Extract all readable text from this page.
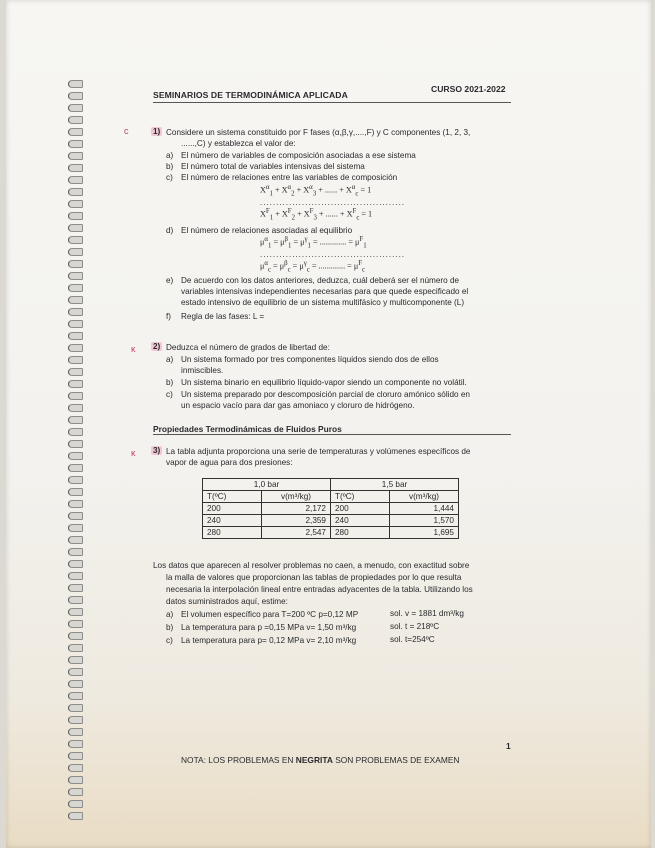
SEMINARIOS DE TERMODINÁMICA APLICADA
CURSO 2021-2022
c	1) Considere un sistema constituido por F fases (α,β,γ,....,F) y C componentes (1, 2, 3,
......,C) y establezca el valor de:
a) El número de variables de composición asociadas a ese sistema
b) El número total de variables intensivas del sistema
c) El número de relaciones entre las variables de composición
$X^\alpha_1 + X^\alpha_2 + X^\alpha_3$ + ...... + $X^\alpha_c = 1$
.............................................
$X^F_1 + X^F_2 + X^F_3$ + ...... + $X^F_c = 1$
d) El número de relaciones asociadas al equilibrio
$\mu^\alpha_1 = \mu^\beta_1 = \mu^\gamma_1$ = ............. = $\mu^F_1$
.............................................
$\mu^\alpha_c = \mu^\beta_c = \mu^\gamma_c$ = ............. = $\mu^F_c$
e) De acuerdo con los datos anteriores, deduzca, cuál deberá ser el número de
variables intensivas independientes necesarias para que quede especificado el
estado intensivo de equilibrio de un sistema multifásico y multicomponente (L)
f) Regla de las fases: L =
ĸ 2) Deduzca el número de grados de libertad de:
a) Un sistema formado por tres componentes líquidos siendo dos de ellos
inmiscibles.
b) Un sistema binario en equilibrio líquido-vapor siendo un componente no volátil.
c) Un sistema preparado por descomposición parcial de cloruro amónico sólido en
un espacio vacío para dar gas amoniaco y cloruro de hidrógeno.
Propiedades Termodinámicas de Fluidos Puros
ĸ 3) La tabla adjunta proporciona una serie de temperaturas y volúmenes específicos de
vapor de agua para dos presiones:
1,0 bar		1,5 bar	
T(ºC)	v(m³/kg)	T(ºC)	v(m³/kg)
200	2,172	200	1,444
240	2,359	240	1,570
280	2,547	280	1,695
Los datos que aparecen al resolver problemas no caen, a menudo, con exactitud sobre
la malla de valores que proporcionan las tablas de propiedades por lo que resulta
necesaria la interpolación lineal entre entradas adyacentes de la tabla. Utilizando los
datos suministrados aquí, estime:
a) El volumen específico para T=200 ºC p=0,12 MP	sol. v = 1881 dm³/kg
b) La temperatura para p =0,15 MPa v= 1,50 m³/kg	sol. t = 218ºC
c) La temperatura para p= 0,12 MPa v= 2,10 m³/kg	sol. t=254ºC
1
NOTA: LOS PROBLEMAS EN NEGRITA SON PROBLEMAS DE EXAMEN
